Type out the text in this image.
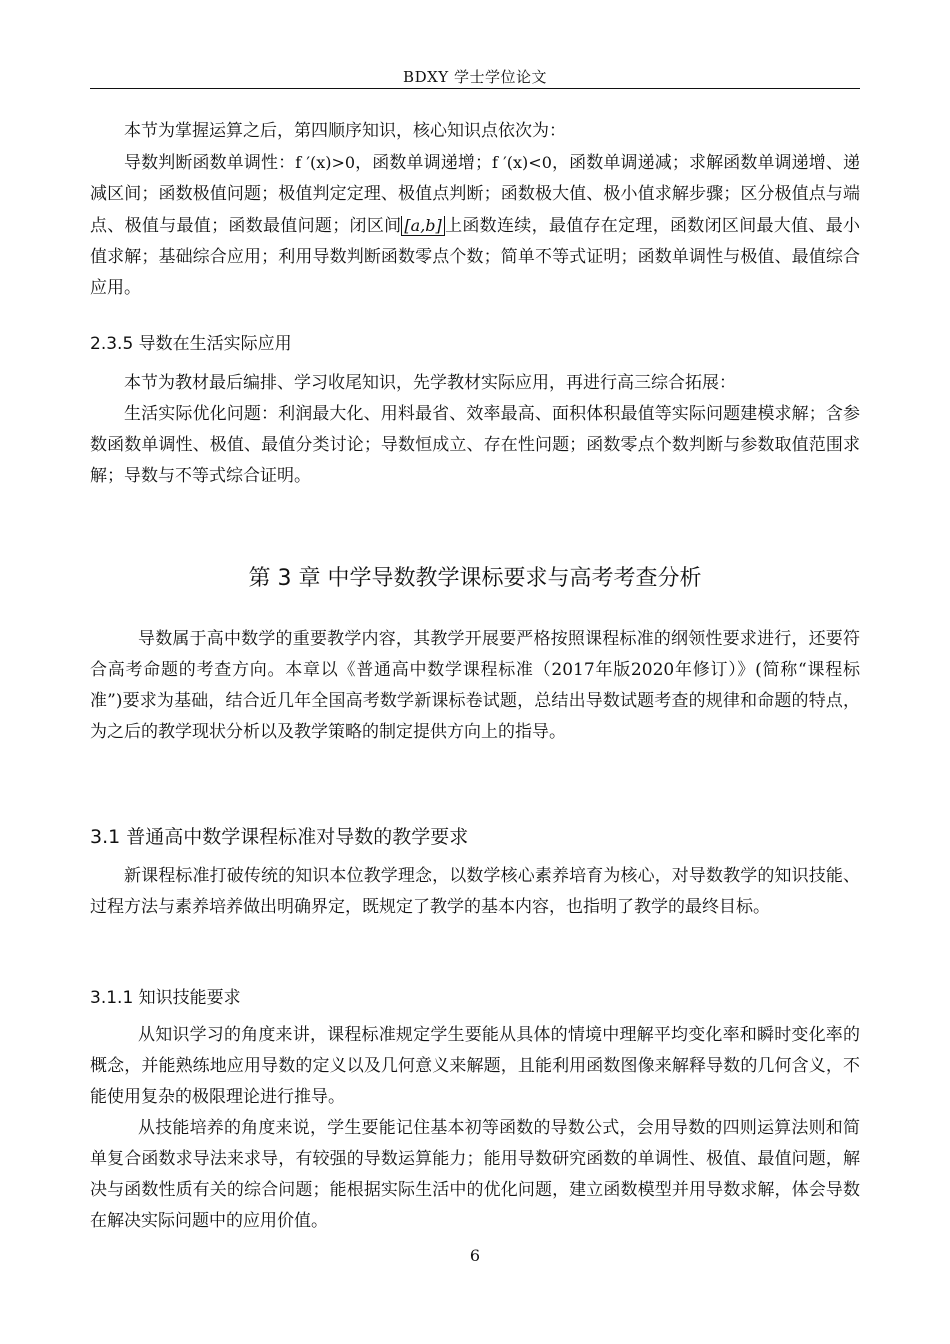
BDXY 学士学位论文

本节为掌握运算之后，第四顺序知识，核心知识点依次为：

导数判断函数单调性：f ′(x)>0，函数单调递增；f ′(x)<0，函数单调递减；求解函数单调递增、递减区间；函数极值问题；极值判定定理、极值点判断；函数极大值、极小值求解步骤；区分极值点与端点、极值与最值；函数最值问题；闭区间 [a,b] 上函数连续，最值存在定理，函数闭区间最大值、最小值求解；基础综合应用；利用导数判断函数零点个数；简单不等式证明；函数单调性与极值、最值综合应用。

2.3.5 导数在生活实际应用

本节为教材最后编排、学习收尾知识，先学教材实际应用，再进行高三综合拓展：

生活实际优化问题：利润最大化、用料最省、效率最高、面积体积最值等实际问题建模求解；含参数函数单调性、极值、最值分类讨论；导数恒成立、存在性问题；函数零点个数判断与参数取值范围求解；导数与不等式综合证明。

第 3 章 中学导数教学课标要求与高考考查分析

导数属于高中数学的重要教学内容，其教学开展要严格按照课程标准的纲领性要求进行，还要符合高考命题的考查方向。本章以《普通高中数学课程标准（2017年版2020年修订）》(简称“课程标准”)要求为基础，结合近几年全国高考数学新课标卷试题，总结出导数试题考查的规律和命题的特点，为之后的教学现状分析以及教学策略的制定提供方向上的指导。

3.1 普通高中数学课程标准对导数的教学要求

新课程标准打破传统的知识本位教学理念，以数学核心素养培育为核心，对导数教学的知识技能、过程方法与素养培养做出明确界定，既规定了教学的基本内容，也指明了教学的最终目标。

3.1.1 知识技能要求

从知识学习的角度来讲，课程标准规定学生要能从具体的情境中理解平均变化率和瞬时变化率的概念，并能熟练地应用导数的定义以及几何意义来解题，且能利用函数图像来解释导数的几何含义，不能使用复杂的极限理论进行推导。

从技能培养的角度来说，学生要能记住基本初等函数的导数公式，会用导数的四则运算法则和简单复合函数求导法来求导，有较强的导数运算能力；能用导数研究函数的单调性、极值、最值问题，解决与函数性质有关的综合问题；能根据实际生活中的优化问题，建立函数模型并用导数求解，体会导数在解决实际问题中的应用价值。

6
